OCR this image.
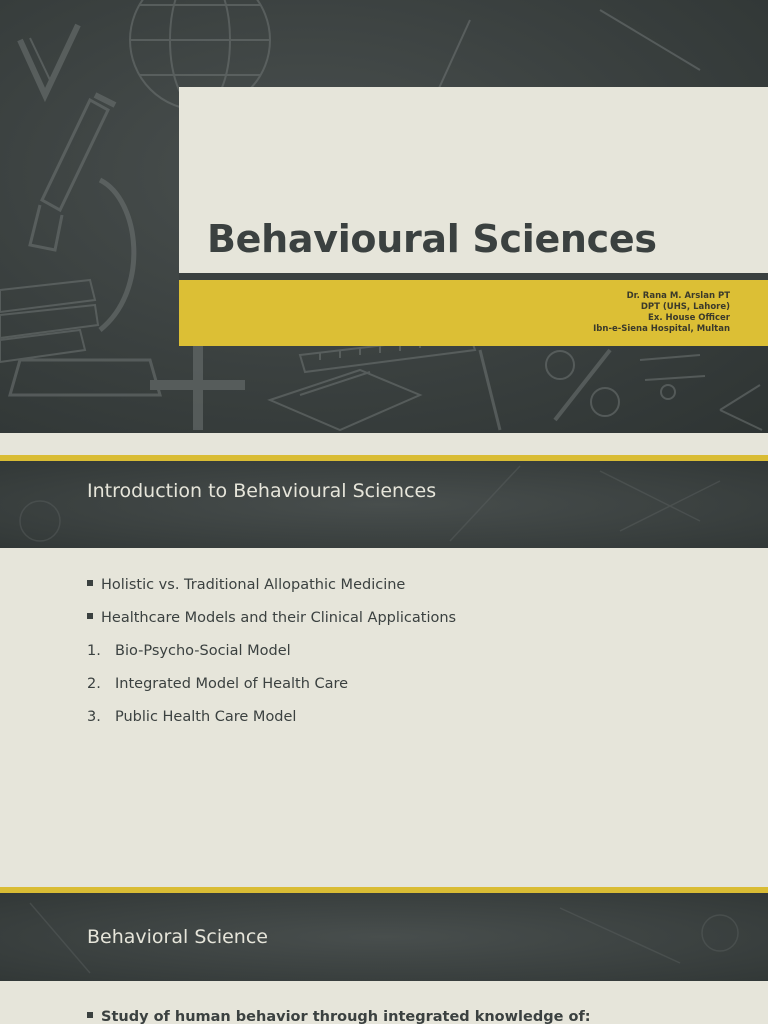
Behavioural Sciences
Dr. Rana M. Arslan PT
DPT (UHS, Lahore)
Ex. House Officer
Ibn-e-Siena Hospital, Multan
Introduction to Behavioural Sciences
Holistic vs. Traditional Allopathic Medicine
Healthcare Models and their Clinical Applications
1. Bio-Psycho-Social Model
2. Integrated Model of Health Care
3. Public Health Care Model
Behavioral Science
Study of human behavior through integrated knowledge of:
